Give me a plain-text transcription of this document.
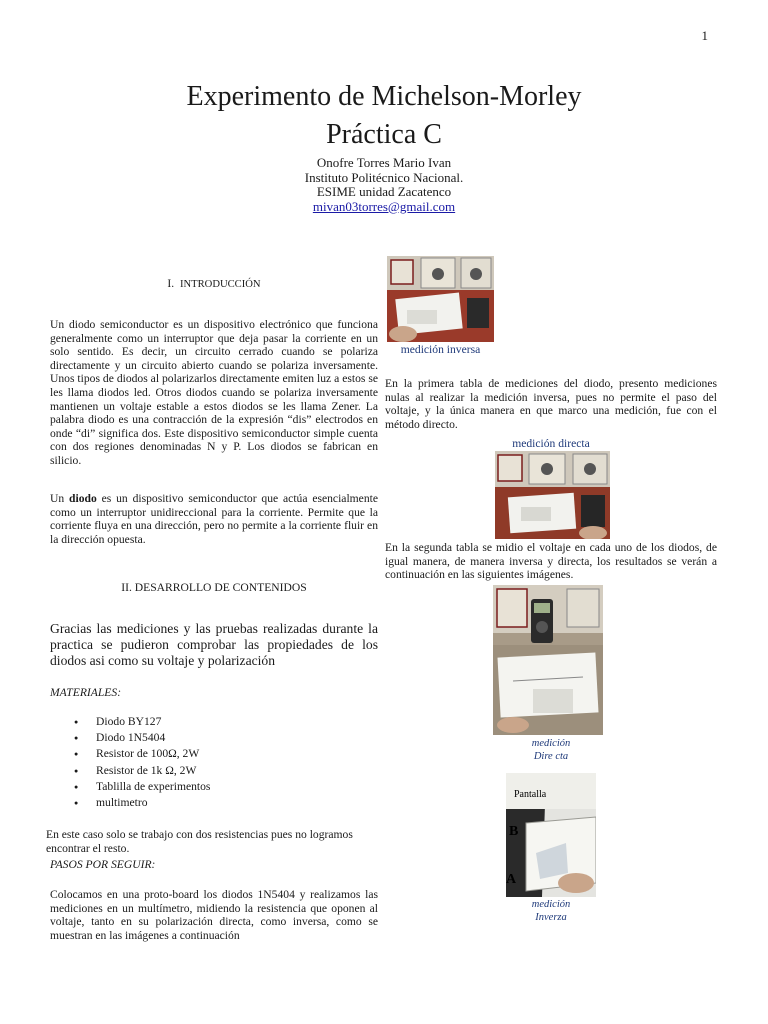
1
Experimento de Michelson-Morley
Práctica C
Onofre Torres Mario Ivan
Instituto Politécnico Nacional.
ESIME unidad Zacatenco
mivan03torres@gmail.com
I. INTRODUCCIÓN
Un diodo semiconductor es un dispositivo electrónico que funciona generalmente como un interruptor que deja pasar la corriente en un solo sentido. Es decir, un circuito cerrado cuando se polariza directamente y un circuito abierto cuando se polariza inversamente. Unos tipos de diodos al polarizarlos directamente emiten luz a estos se les llama diodos led. Otros diodos cuando se polariza inversamente mantienen un voltaje estable a estos diodos se les llama Zener. La palabra diodo es una contracción de la expresión “dis” electrodos en onde “di” significa dos. Este dispositivo semiconductor simple cuenta con dos regiones denominadas N y P. Los diodos se fabrican en silicio.
Un diodo es un dispositivo semiconductor que actúa esencialmente como un interruptor unidireccional para la corriente. Permite que la corriente fluya en una dirección, pero no permite a la corriente fluir en la dirección opuesta.
II. DESARROLLO DE CONTENIDOS
Gracias las mediciones y las pruebas realizadas durante la practica se pudieron comprobar las propiedades de los diodos asi como su voltaje y polarización
MATERIALES:
● Diodo BY127
● Diodo 1N5404
● Resistor de 100Ω, 2W
● Resistor de 1k Ω, 2W
● Tablilla de experimentos
● multimetro
En este caso solo se trabajo con dos resistencias pues no logramos encontrar el resto.
PASOS POR SEGUIR:
Colocamos en una proto-board los diodos 1N5404 y realizamos las mediciones en un multímetro, midiendo la resistencia que oponen al voltaje, tanto en su polarización directa, como inversa, como se muestran en las imágenes a continuación
medición inversa
En la primera tabla de mediciones del diodo, presento mediciones nulas al realizar la medición inversa, pues no permite el paso del voltaje, y la única manera en que marco una medición, fue con el método directo.
medición directa
En la segunda tabla se midio el voltaje en cada uno de los diodos, de igual manera, de manera inversa y directa, los resultados se verán a continuación en las siguientes imágenes.
medición
Dire cta
Pantalla
B
A
medición
Inverza
